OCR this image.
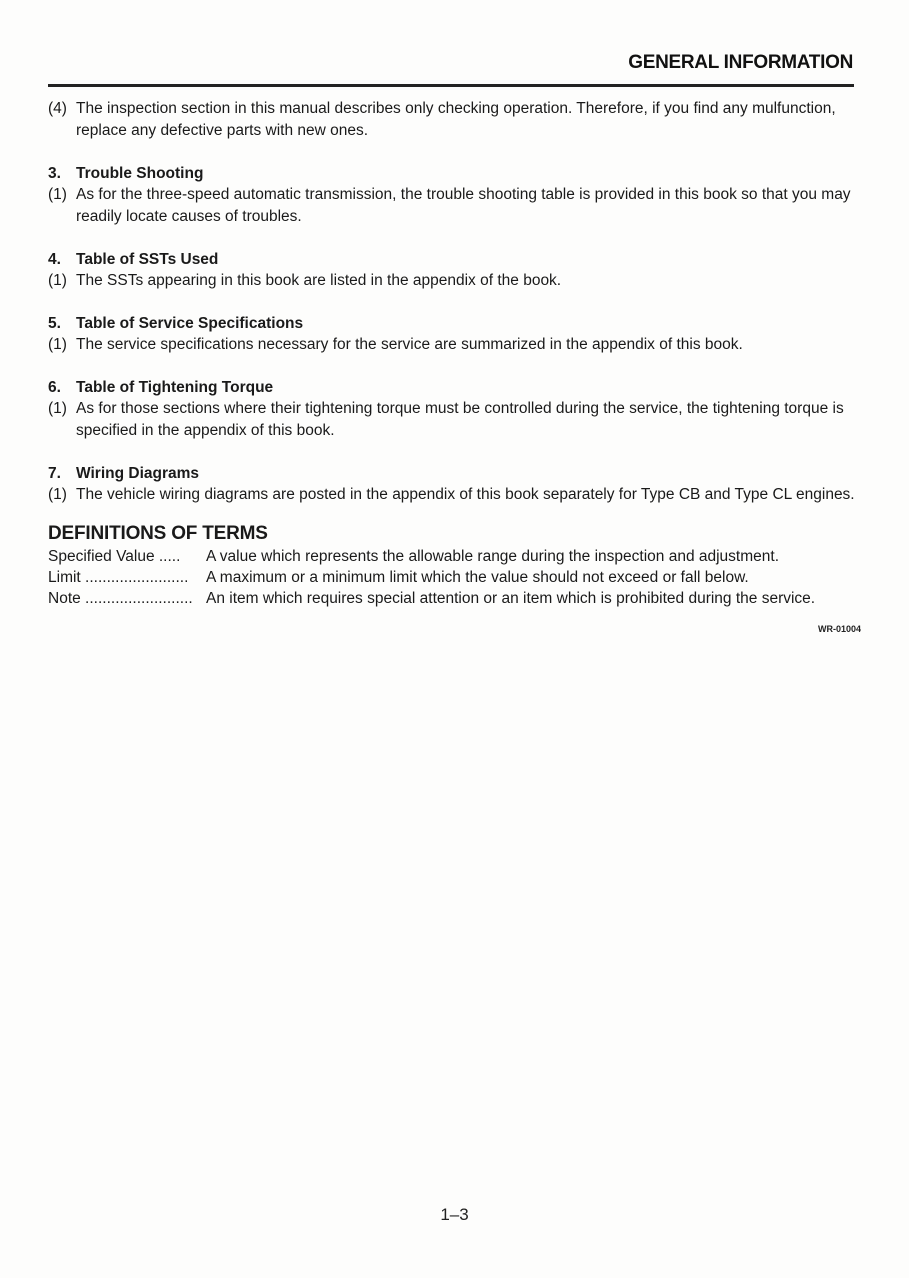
GENERAL INFORMATION
(4) The inspection section in this manual describes only checking operation. Therefore, if you find any mulfunction, replace any defective parts with new ones.
3. Trouble Shooting
(1) As for the three-speed automatic transmission, the trouble shooting table is provided in this book so that you may readily locate causes of troubles.
4. Table of SSTs Used
(1) The SSTs appearing in this book are listed in the appendix of the book.
5. Table of Service Specifications
(1) The service specifications necessary for the service are summarized in the appendix of this book.
6. Table of Tightening Torque
(1) As for those sections where their tightening torque must be controlled during the service, the tightening torque is specified in the appendix of this book.
7. Wiring Diagrams
(1) The vehicle wiring diagrams are posted in the appendix of this book separately for Type CB and Type CL engines.
DEFINITIONS OF TERMS
Specified Value .....	A value which represents the allowable range during the inspection and adjustment.
Limit ........................	A maximum or a minimum limit which the value should not exceed or fall below.
Note ......................... An item which requires special attention or an item which is prohibited during the service.
WR-01004
1–3
